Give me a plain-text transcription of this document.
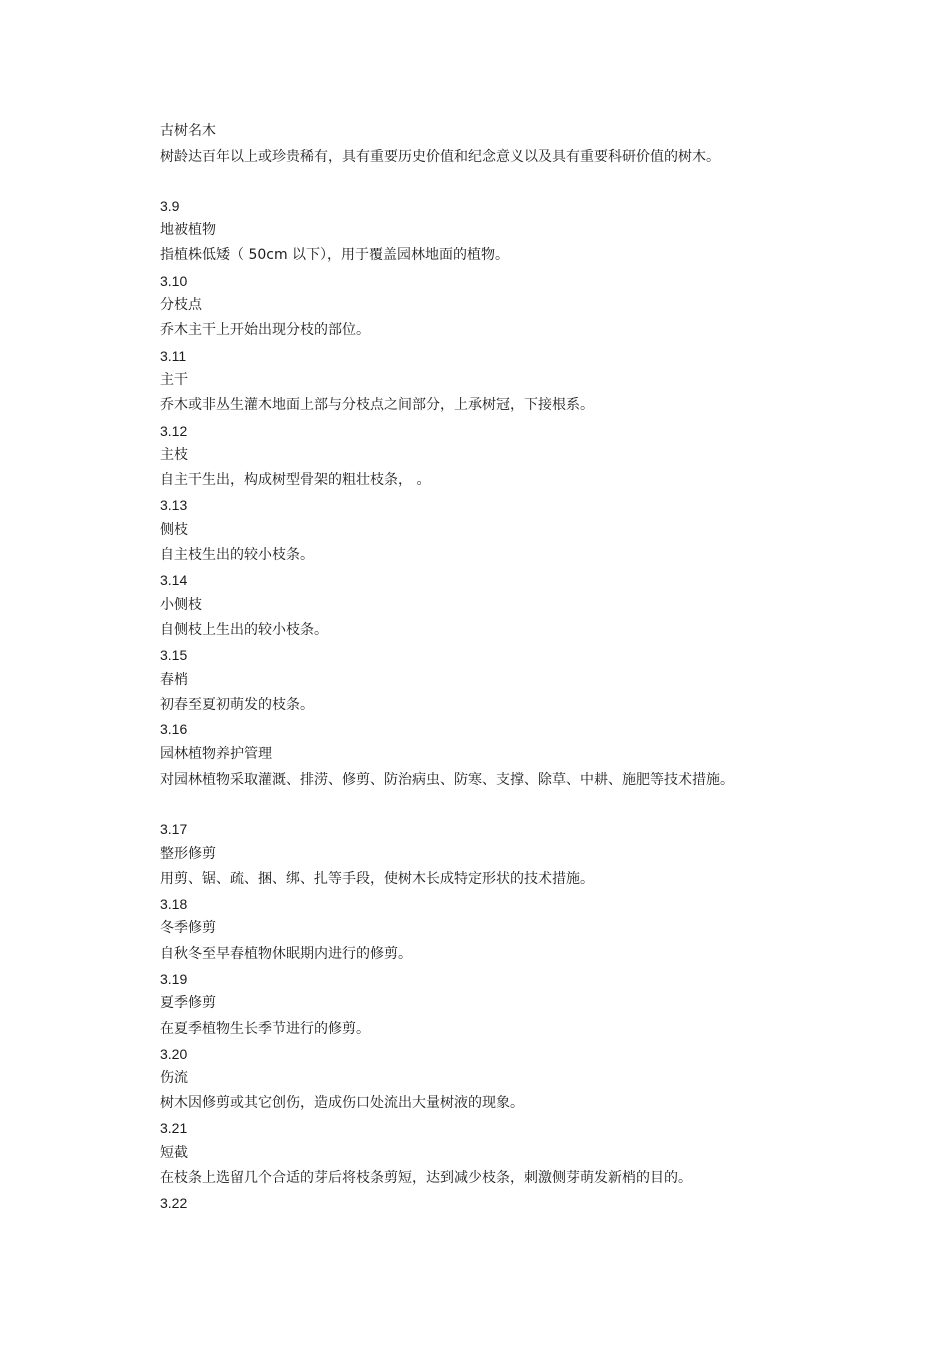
古树名木

树龄达百年以上或珍贵稀有，具有重要历史价值和纪念意义以及具有重要科研价值的树木。

3.9

地被植物

指植株低矮（ 50cm 以下），用于覆盖园林地面的植物。

3.10

分枝点

乔木主干上开始出现分枝的部位。

3.11

主干

乔木或非丛生灌木地面上部与分枝点之间部分，上承树冠，下接根系。

3.12

主枝

自主干生出，构成树型骨架的粗壮枝条， 。

3.13

侧枝

自主枝生出的较小枝条。

3.14

小侧枝

自侧枝上生出的较小枝条。

3.15

春梢

初春至夏初萌发的枝条。

3.16

园林植物养护管理

对园林植物采取灌溉、排涝、修剪、防治病虫、防寒、支撑、除草、中耕、施肥等技术措施。

3.17

整形修剪

用剪、锯、疏、捆、绑、扎等手段，使树木长成特定形状的技术措施。

3.18

冬季修剪

自秋冬至早春植物休眠期内进行的修剪。

3.19

夏季修剪

在夏季植物生长季节进行的修剪。

3.20

伤流

树木因修剪或其它创伤，造成伤口处流出大量树液的现象。

3.21

短截

在枝条上选留几个合适的芽后将枝条剪短，达到减少枝条，刺激侧芽萌发新梢的目的。

3.22
